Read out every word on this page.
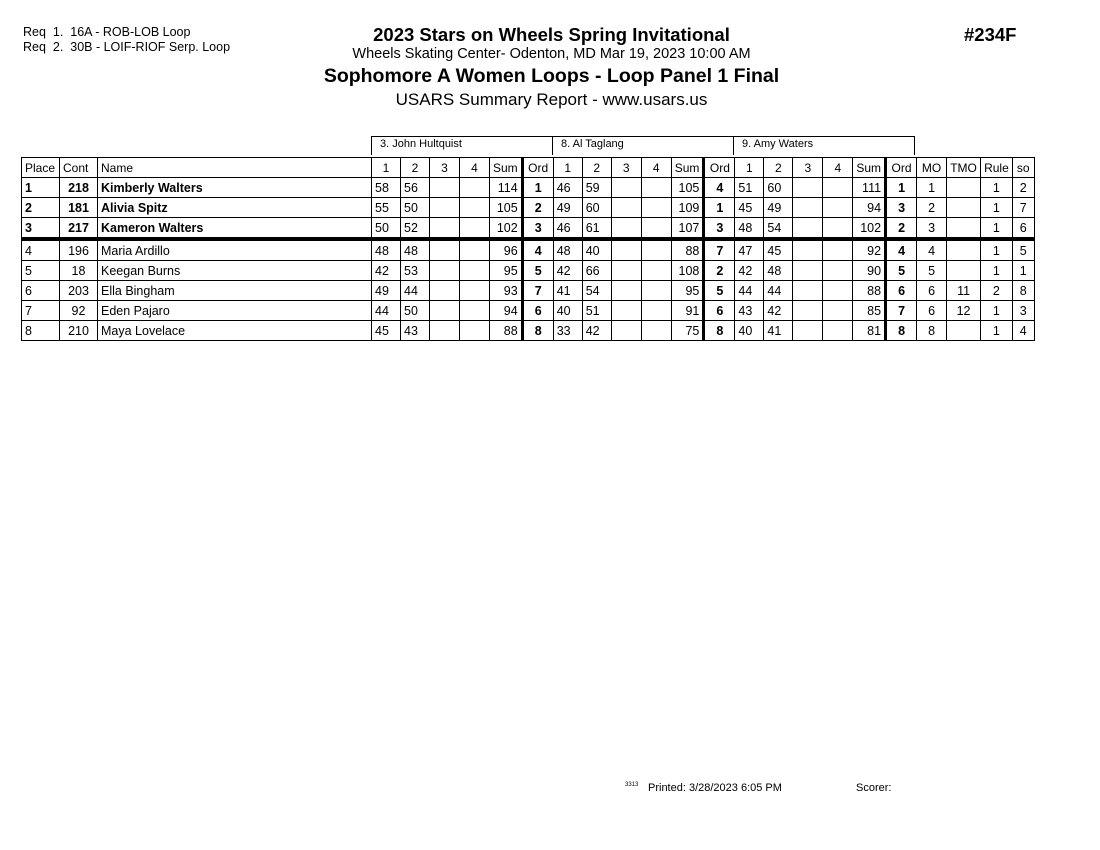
Req  1.  16A - ROB-LOB Loop
Req  2.  30B - LOIF-RIOF Serp. Loop
2023 Stars on Wheels Spring Invitational
Wheels Skating Center- Odenton, MD Mar 19, 2023 10:00 AM
Sophomore A Women Loops - Loop Panel 1 Final
USARS Summary Report - www.usars.us
#234F
3. John Hultquist	8. Al Taglang	9. Amy Waters
Place	Cont	Name	1	2	3	4	Sum	Ord	1	2	3	4	Sum	Ord	1	2	3	4	Sum	Ord	MO	TMO	Rule	so
1	218	Kimberly Walters	58	56			114	1	46	59			105	4	51	60			111	1	1		1	2
2	181	Alivia Spitz	55	50			105	2	49	60			109	1	45	49			94	3	2		1	7
3	217	Kameron Walters	50	52			102	3	46	61			107	3	48	54			102	2	3		1	6
4	196	Maria Ardillo	48	48			96	4	48	40			88	7	47	45			92	4	4		1	5
5	18	Keegan Burns	42	53			95	5	42	66			108	2	42	48			90	5	5		1	1
6	203	Ella Bingham	49	44			93	7	41	54			95	5	44	44			88	6	6	11	2	8
7	92	Eden Pajaro	44	50			94	6	40	51			91	6	43	42			85	7	6	12	1	3
8	210	Maya Lovelace	45	43			88	8	33	42			75	8	40	41			81	8	8		1	4
3313 Printed: 3/28/2023 6:05 PM	Scorer:
